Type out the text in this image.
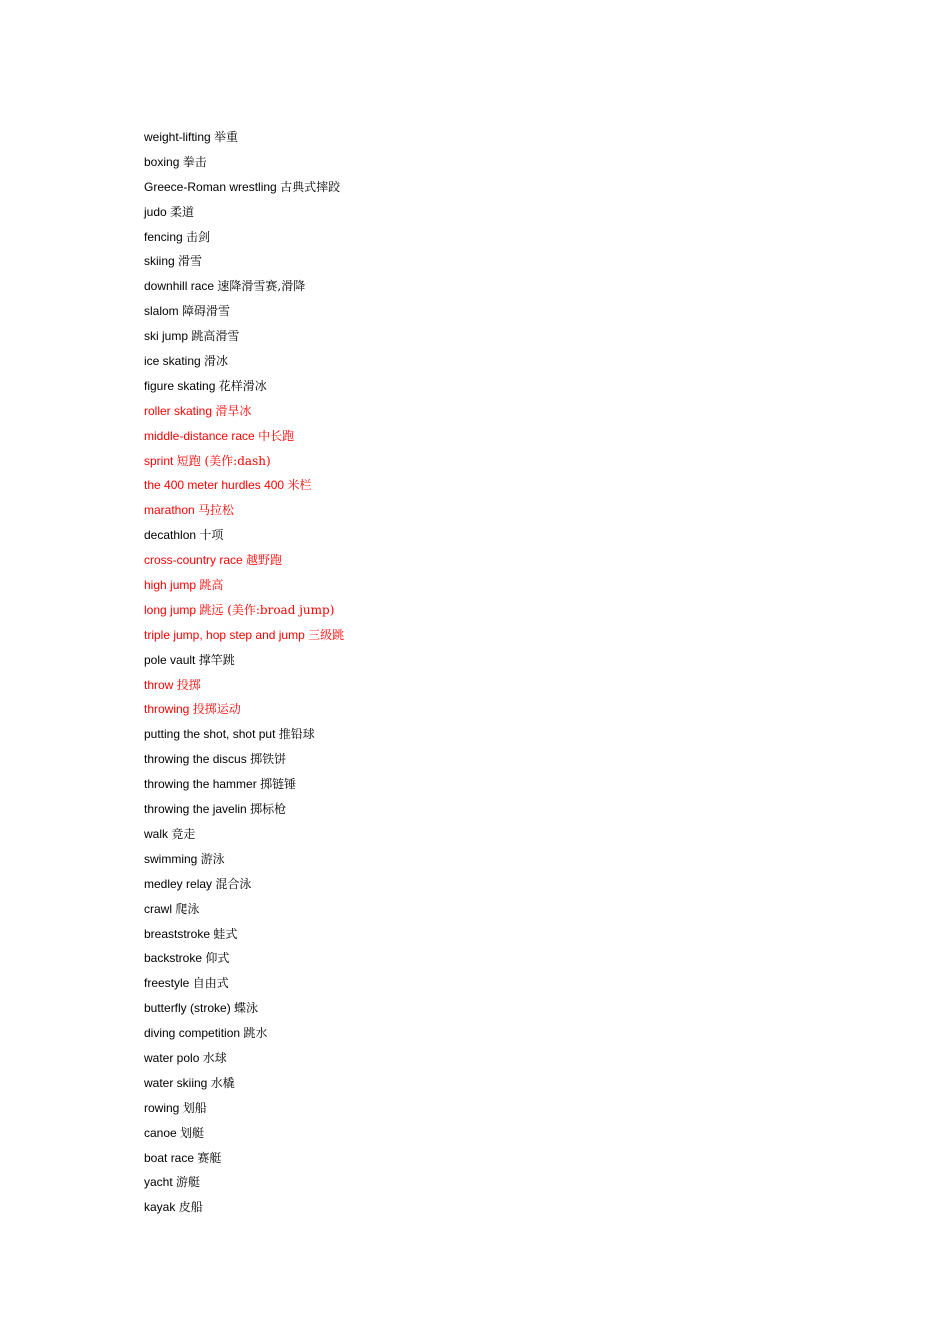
weight-lifting 举重
boxing 拳击
Greece-Roman wrestling 古典式摔跤
judo 柔道
fencing 击剑
skiing 滑雪
downhill race 速降滑雪赛,滑降
slalom 障碍滑雪
ski jump 跳高滑雪
ice skating 滑冰
figure skating 花样滑冰
roller skating 滑旱冰
middle-distance race 中长跑
sprint 短跑 (美作:dash)
the 400 meter hurdles 400 米栏
marathon 马拉松
decathlon 十项
cross-country race 越野跑
high jump 跳高
long jump 跳远 (美作:broad jump)
triple jump, hop step and jump 三级跳
pole vault 撑竿跳
throw 投掷
throwing 投掷运动
putting the shot, shot put 推铅球
throwing the discus 掷铁饼
throwing the hammer 掷链锤
throwing the javelin 掷标枪
walk 竞走
swimming 游泳
medley relay 混合泳
crawl 爬泳
breaststroke 蛙式
backstroke 仰式
freestyle 自由式
butterfly (stroke) 蝶泳
diving competition 跳水
water polo 水球
water skiing 水橇
rowing 划船
canoe 划艇
boat race 赛艇
yacht 游艇
kayak 皮船
